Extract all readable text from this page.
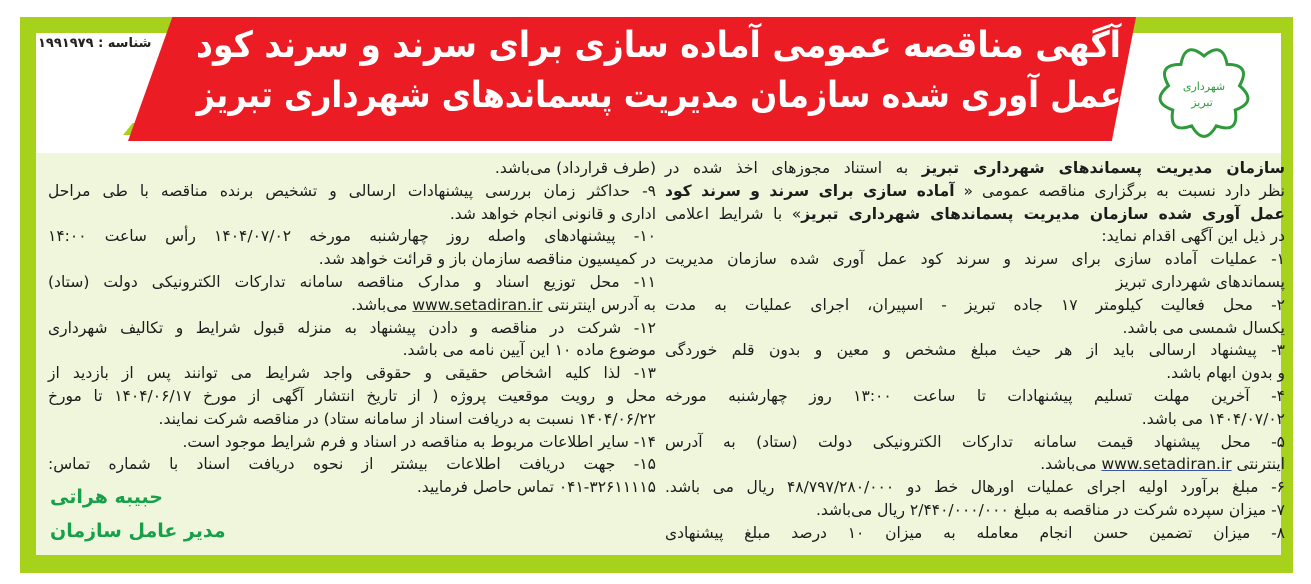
آگهی مناقصه عمومی آماده سازی برای سرند و سرند کود
عمل آوری شده سازمان مدیریت پسماندهای شهرداری تبریز
شناسه : ۱۹۹۱۹۷۹
شهرداری
تبریز
سازمان مدیریت پسماندهای شهرداری تبریز به استناد مجوزهای اخذ شده در
نظر دارد نسبت به برگزاری مناقصه عمومی « آماده سازی برای سرند و سرند کود
عمل آوری شده سازمان مدیریت پسماندهای شهرداری تبریز» با شرایط اعلامی
در ذیل این آگهی اقدام نماید:
۱- عملیات آماده سازی برای سرند و سرند کود عمل آوری شده سازمان مدیریت
پسماندهای شهرداری تبریز
۲- محل فعالیت کیلومتر ۱۷ جاده تبریز - اسپیران، اجرای عملیات به مدت
یکسال شمسی می باشد.
۳- پیشنهاد ارسالی باید از هر حیث مبلغ مشخص و معین و بدون قلم خوردگی
و بدون ابهام باشد.
۴- آخرین مهلت تسلیم پیشنهادات تا ساعت ۱۳:۰۰ روز چهارشنبه مورخه
۱۴۰۴/۰۷/۰۲ می باشد.
۵- محل پیشنهاد قیمت سامانه تدارکات الکترونیکی دولت (ستاد) به آدرس
اینترنتی www.setadiran.ir می‌باشد.
۶- مبلغ برآورد اولیه اجرای عملیات اورهال خط دو ۴۸/۷۹۷/۲۸۰/۰۰۰ ریال می باشد.
۷- میزان سپرده شرکت در مناقصه به مبلغ ۲/۴۴۰/۰۰۰/۰۰۰ ریال می‌باشد.
۸- میزان تضمین حسن انجام معامله به میزان ۱۰ درصد مبلغ پیشنهادی
(طرف قرارداد) می‌باشد.
۹- حداکثر زمان بررسی پیشنهادات ارسالی و تشخیص برنده مناقصه با طی مراحل
اداری و قانونی انجام خواهد شد.
۱۰- پیشنهادهای واصله روز چهارشنبه مورخه ۱۴۰۴/۰۷/۰۲ رأس ساعت ۱۴:۰۰
در کمیسیون مناقصه سازمان باز و قرائت خواهد شد.
۱۱- محل توزیع اسناد و مدارک مناقصه سامانه تدارکات الکترونیکی دولت (ستاد)
به آدرس اینترنتی www.setadiran.ir می‌باشد.
۱۲- شرکت در مناقصه و دادن پیشنهاد به منزله قبول شرایط و تکالیف شهرداری
موضوع ماده ۱۰ این آیین نامه می باشد.
۱۳- لذا کلیه اشخاص حقیقی و حقوقی واجد شرایط می توانند پس از بازدید از
محل و رویت موقعیت پروژه ( از تاریخ انتشار آگهی از مورخ ۱۴۰۴/۰۶/۱۷ تا مورخ
۱۴۰۴/۰۶/۲۲ نسبت به دریافت اسناد از سامانه ستاد) در مناقصه شرکت نمایند.
۱۴- سایر اطلاعات مربوط به مناقصه در اسناد و فرم شرایط موجود است.
۱۵- جهت دریافت اطلاعات بیشتر از نحوه دریافت اسناد با شماره تماس:
۰۴۱-۳۲۶۱۱۱۱۵ تماس حاصل فرمایید.
حبیبه هراتی
مدیر عامل سازمان
